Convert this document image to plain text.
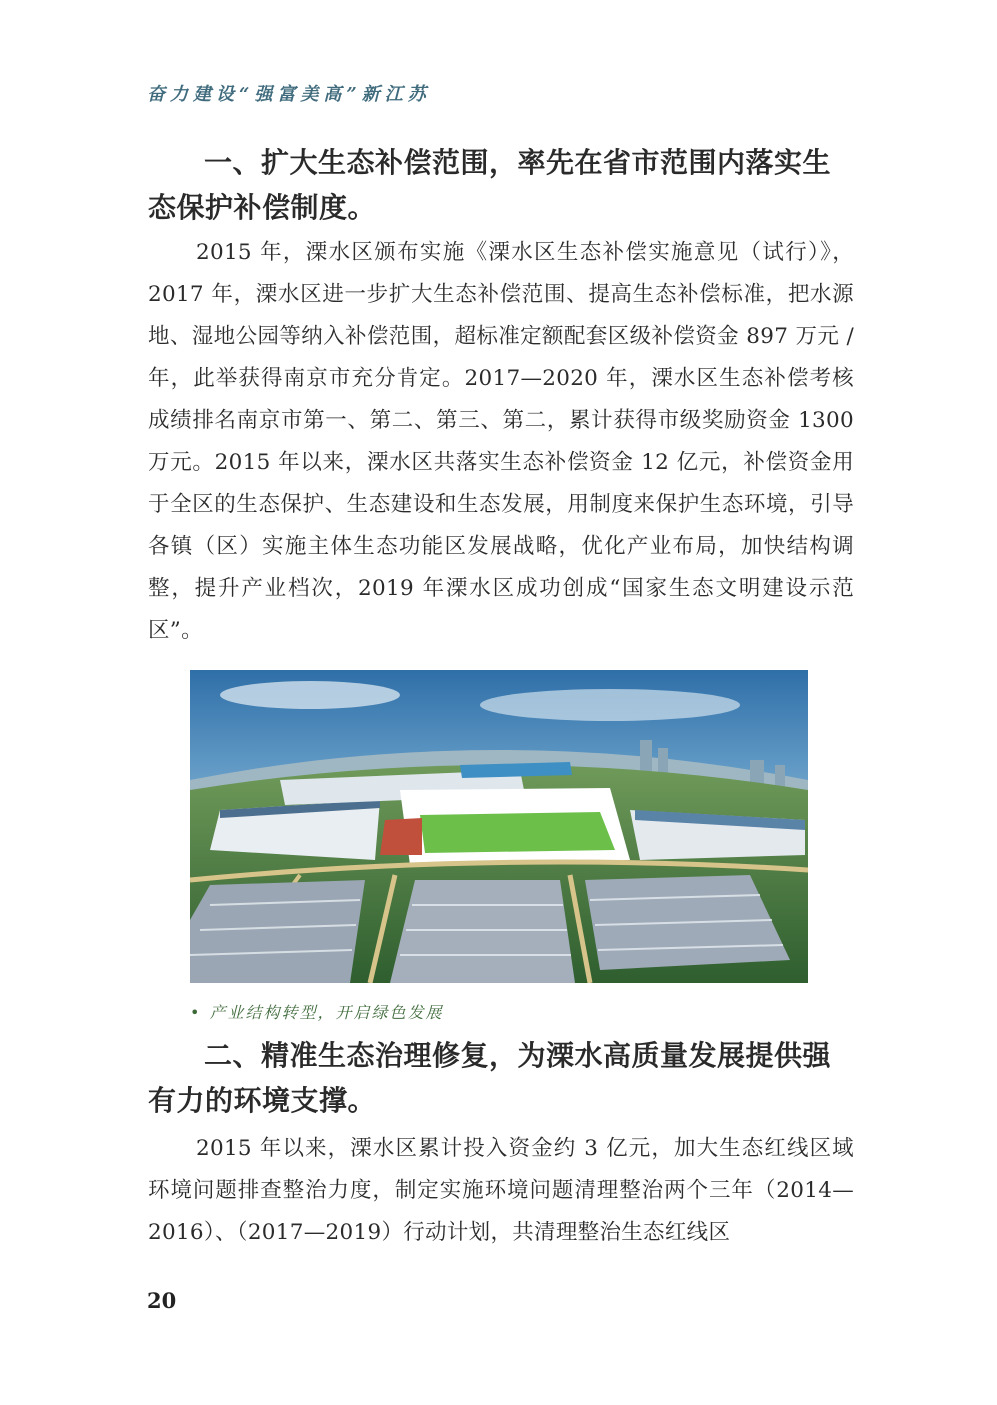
奋力建设“强富美高”新江苏
一、扩大生态补偿范围，率先在省市范围内落实生态保护补偿制度。
2015 年，溧水区颁布实施《溧水区生态补偿实施意见（试行）》，2017 年，溧水区进一步扩大生态补偿范围、提高生态补偿标准，把水源地、湿地公园等纳入补偿范围，超标准定额配套区级补偿资金 897 万元 / 年，此举获得南京市充分肯定。2017—2020 年，溧水区生态补偿考核成绩排名南京市第一、第二、第三、第二，累计获得市级奖励资金 1300 万元。2015 年以来，溧水区共落实生态补偿资金 12 亿元，补偿资金用于全区的生态保护、生态建设和生态发展，用制度来保护生态环境，引导各镇（区）实施主体生态功能区发展战略，优化产业布局，加快结构调整，提升产业档次，2019 年溧水区成功创成“国家生态文明建设示范区”。
• 产业结构转型，开启绿色发展
二、精准生态治理修复，为溧水高质量发展提供强有力的环境支撑。
2015 年以来，溧水区累计投入资金约 3 亿元，加大生态红线区域环境问题排查整治力度，制定实施环境问题清理整治两个三年（2014—2016）、（2017—2019）行动计划，共清理整治生态红线区
20
